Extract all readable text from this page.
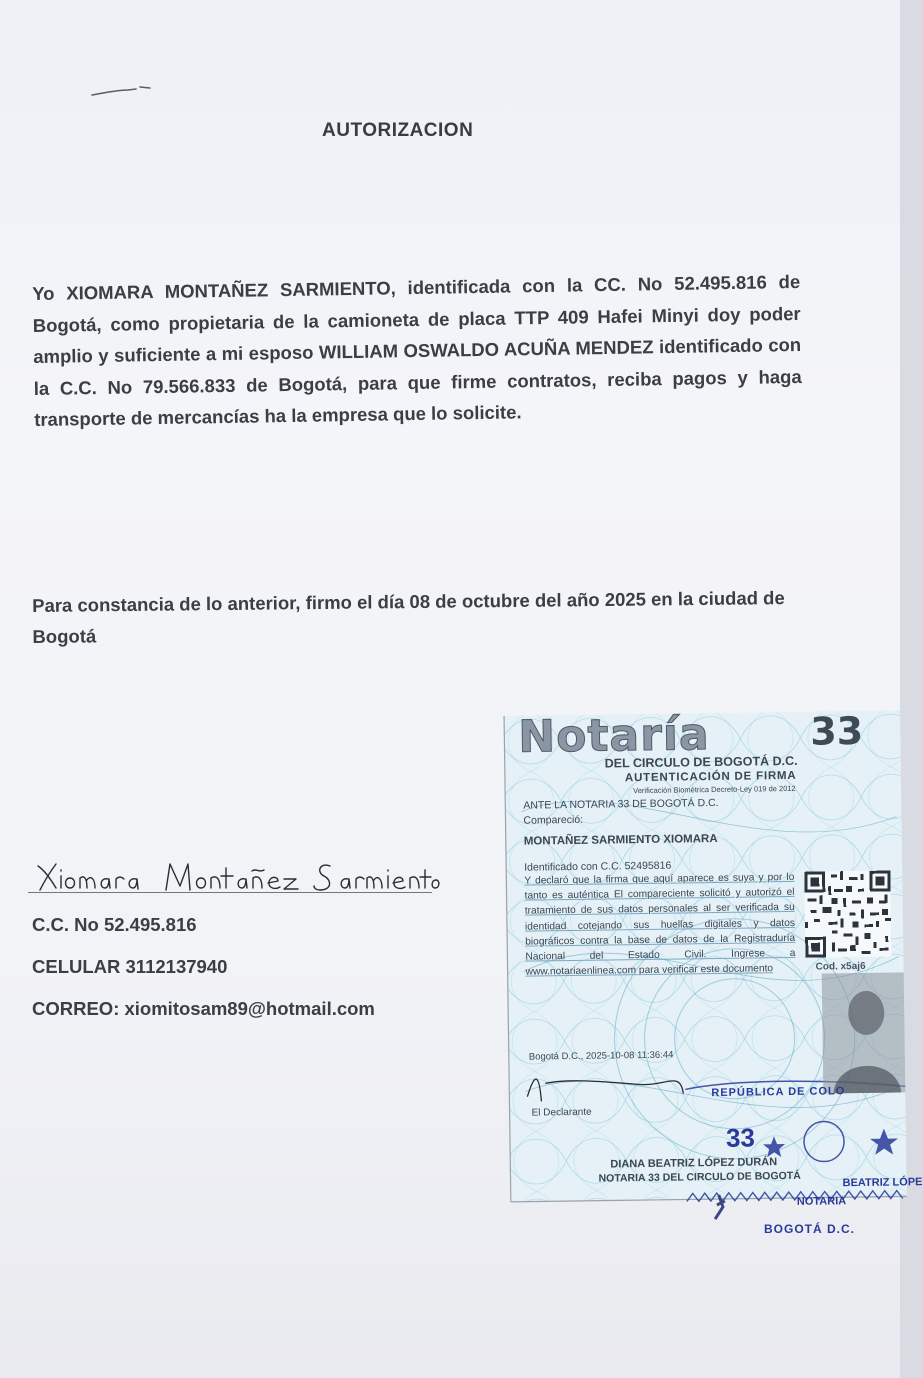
AUTORIZACION
Yo XIOMARA MONTAÑEZ SARMIENTO, identificada con la CC. No 52.495.816 de Bogotá, como propietaria de la camioneta de placa TTP 409 Hafei Minyi doy poder amplio y suficiente a mi esposo WILLIAM OSWALDO ACUÑA MENDEZ identificado con la C.C. No 79.566.833 de Bogotá, para que firme contratos, reciba pagos y haga transporte de mercancías ha la empresa que lo solicite.
Para constancia de lo anterior, firmo el día 08 de octubre del año 2025 en la ciudad de Bogotá
C.C. No 52.495.816
CELULAR 3112137940
CORREO: xiomitosam89@hotmail.com
Notaría	33
DEL CIRCULO DE BOGOTÁ D.C.
AUTENTICACIÓN DE FIRMA
Verificación Biométrica Decreto-Ley 019 de 2012
ANTE LA NOTARIA 33 DE BOGOTÁ D.C.
Compareció:
MONTAÑEZ SARMIENTO XIOMARA
Identificado con C.C. 52495816
Y declaró que la firma que aquí aparece es suya y por lo tanto es auténtica El compareciente solicitó y autorizó el tratamiento de sus datos personales al ser verificada su identidad cotejando sus huellas digitales y datos biográficos contra la base de datos de la Registraduría Nacional del Estado Civil. Ingrese a www.notariaenlinea.com para verificar este documento	Cod. x5aj6
Bogotá D.C., 2025-10-08 11:36:44
El Declarante
REPÚBLICA DE COLO
33
DIANA BEATRIZ LÓPEZ DURÁN
NOTARIA 33 DEL CIRCULO DE BOGOTÁ	BEATRIZ LÓPE
NOTARIA
BOGOTÁ D.C.
